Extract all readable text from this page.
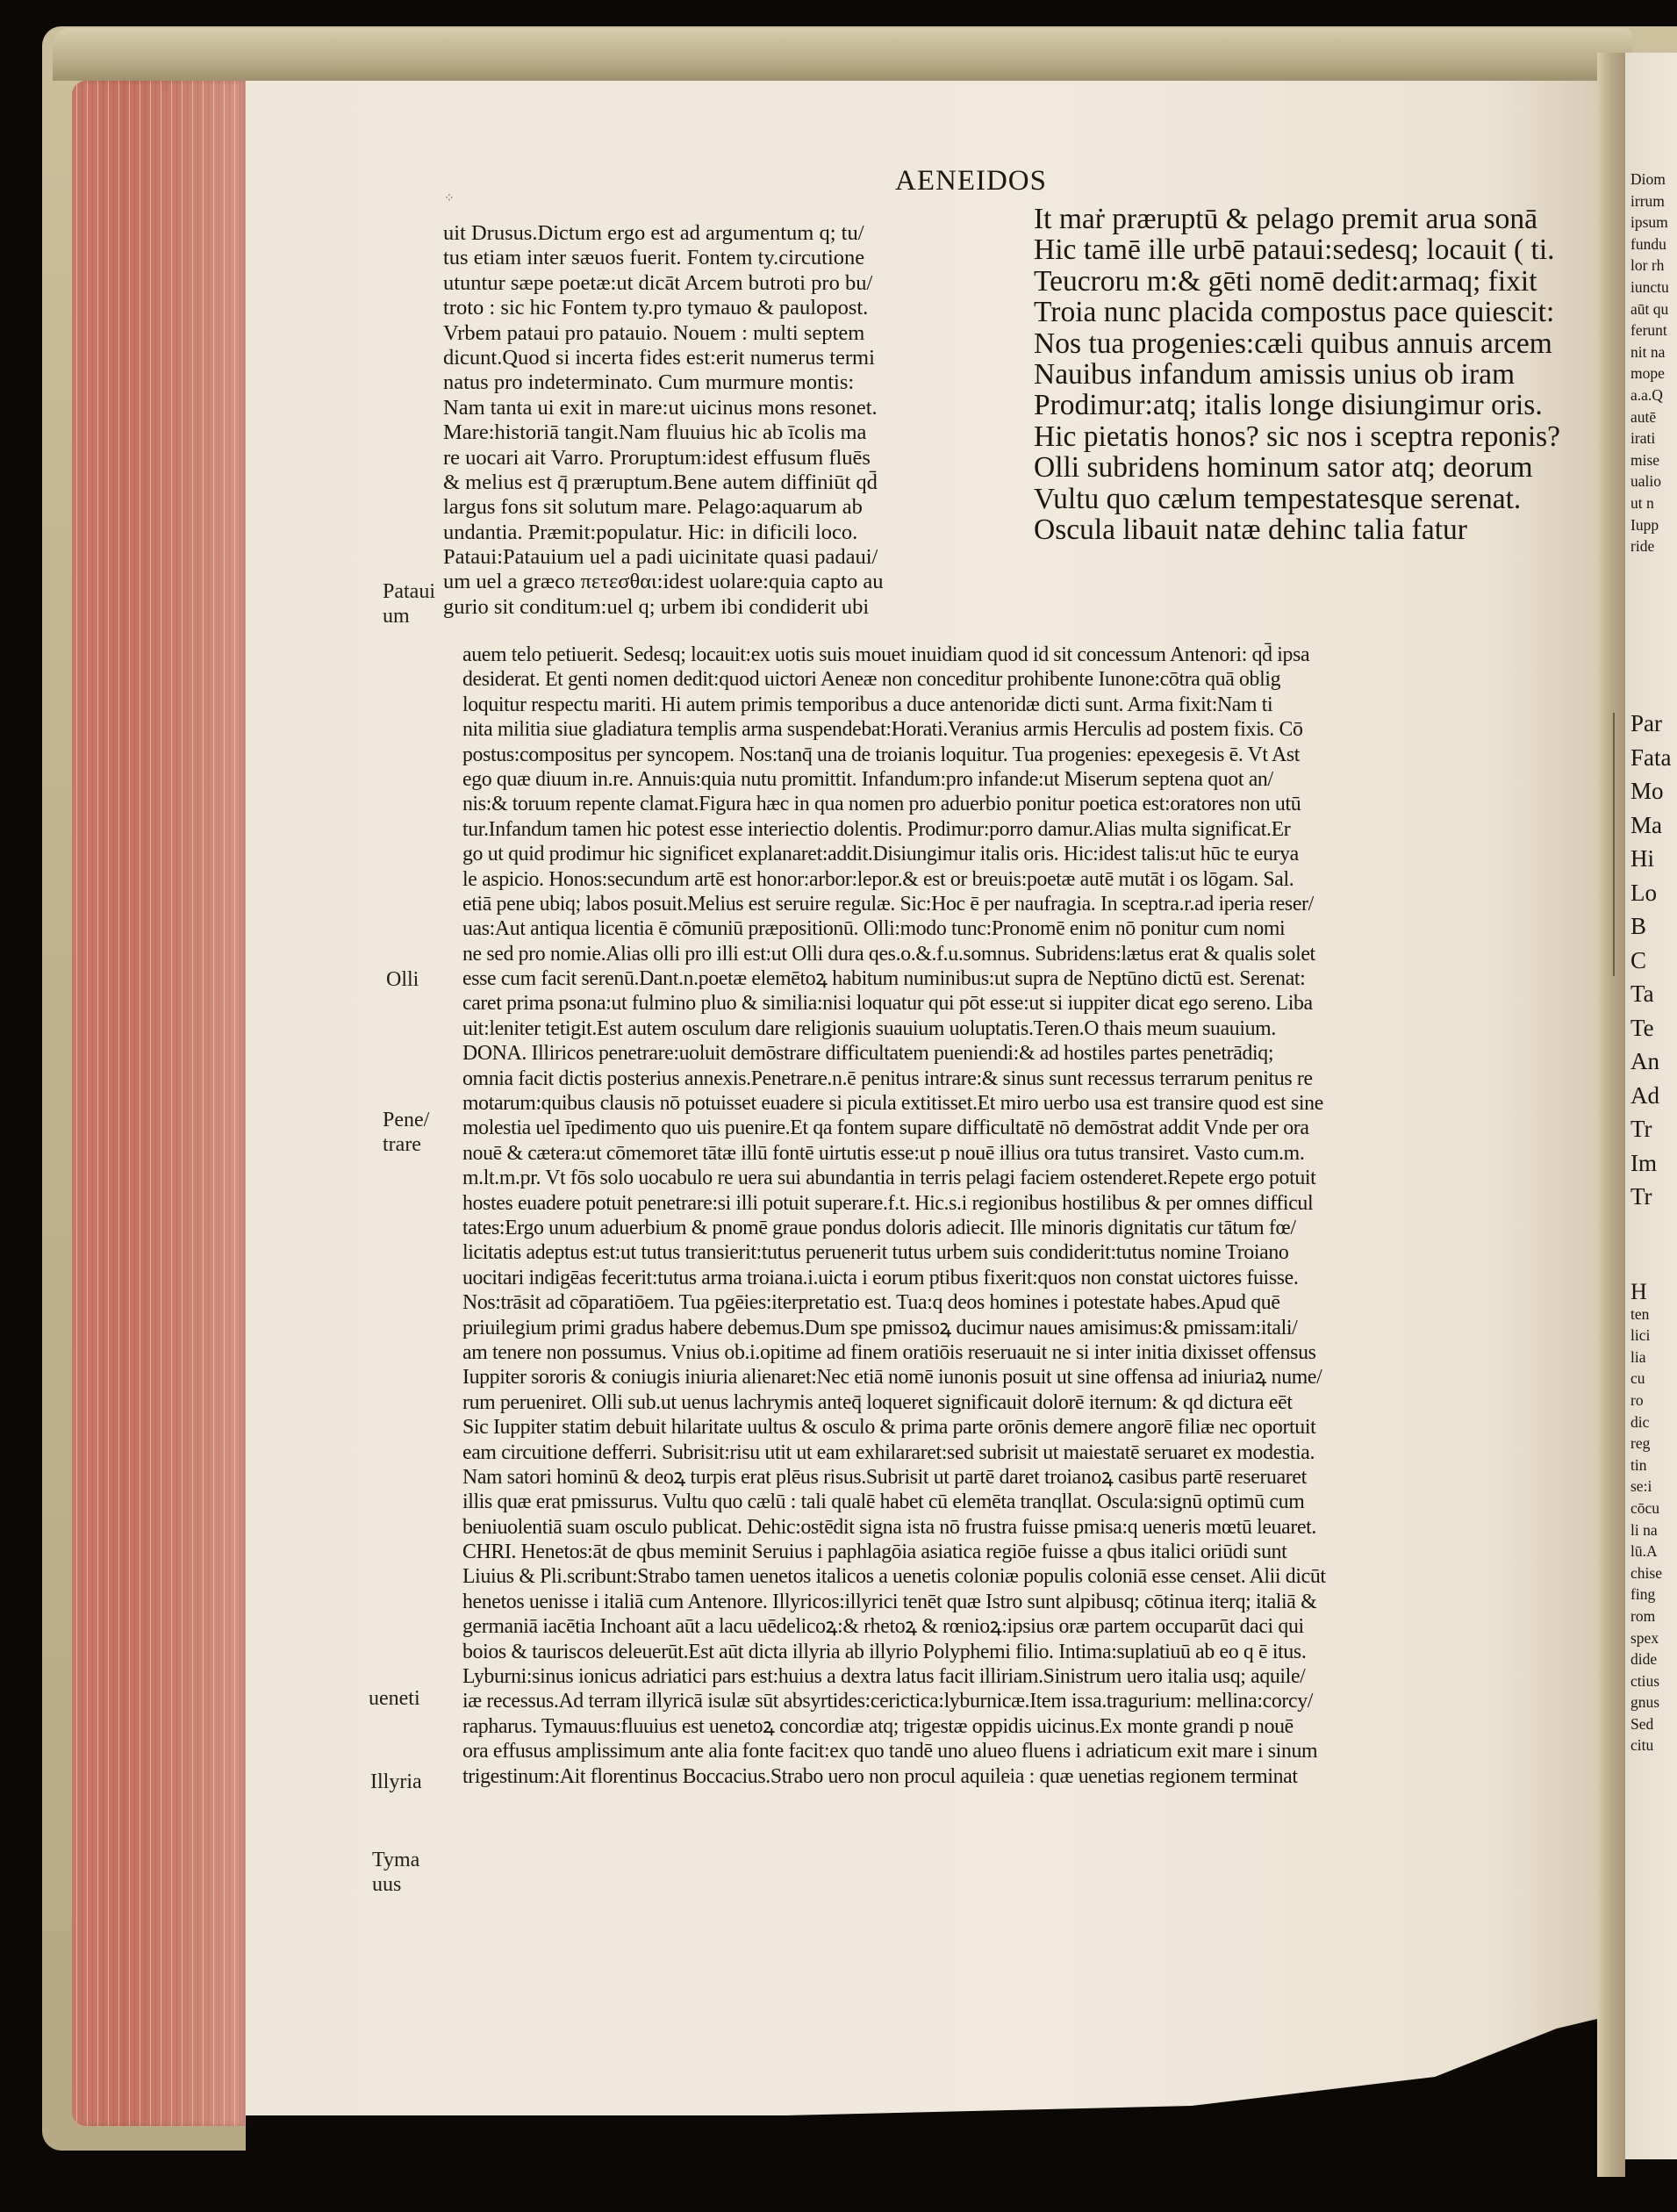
⁘
AENEIDOS
It maṙ præruptū & pelago premit arua sonā
Hic tamē ille urbē pataui:sedesq; locauit ( ti.
Teucroru m:& gēti nomē dedit:armaq; fixit
Troia nunc placida compostus pace quiescit:
Nos tua progenies:cæli quibus annuis arcem
Nauibus infandum amissis unius ob iram
Prodimur:atq; italis longe disiungimur oris.
Hic pietatis honos? sic nos i sceptra reponis?
Olli subridens hominum sator atq; deorum
Vultu quo cælum tempestatesque serenat.
Oscula libauit natæ dehinc talia fatur
uit Drusus.Dictum ergo est ad argumentum q; tu/
tus etiam inter sæuos fuerit. Fontem ty.circutione
utuntur sæpe poetæ:ut dicāt Arcem butroti pro bu/
troto : sic hic Fontem ty.pro tymauo & paulopost.
Vrbem pataui pro patauio. Nouem : multi septem
dicunt.Quod si incerta fides est:erit numerus termi
natus pro indeterminato. Cum murmure montis:
Nam tanta ui exit in mare:ut uicinus mons resonet.
Mare:historiā tangit.Nam fluuius hic ab īcolis ma
re uocari ait Varro. Proruptum:idest effusum fluēs
& melius est q̄ præruptum.Bene autem diffiniūt qd̄
largus fons sit solutum mare. Pelago:aquarum ab
undantia. Præmit:populatur. Hic: in dificili loco.
Pataui:Patauium uel a padi uicinitate quasi padaui/
um uel a græco πετεσθαι:idest uolare:quia capto au
gurio sit conditum:uel q; urbem ibi condiderit ubi
auem telo petiuerit. Sedesq; locauit:ex uotis suis mouet inuidiam quod id sit concessum Antenori: qd̄ ipsa
desiderat. Et genti nomen dedit:quod uictori Aeneæ non conceditur prohibente Iunone:cōtra quā oblig
loquitur respectu mariti. Hi autem primis temporibus a duce antenoridæ dicti sunt. Arma fixit:Nam ti
nita militia siue gladiatura templis arma suspendebat:Horati.Veranius armis Herculis ad postem fixis. Cō
postus:compositus per syncopem. Nos:tanq̄ una de troianis loquitur. Tua progenies: epexegesis ē. Vt Ast
ego quæ diuum in.re. Annuis:quia nutu promittit. Infandum:pro infande:ut Miserum septena quot an/
nis:& toruum repente clamat.Figura hæc in qua nomen pro aduerbio ponitur poetica est:oratores non utū
tur.Infandum tamen hic potest esse interiectio dolentis. Prodimur:porro damur.Alias multa significat.Er
go ut quid prodimur hic significet explanaret:addit.Disiungimur italis oris. Hic:idest talis:ut hūc te eurya
le aspicio. Honos:secundum artē est honor:arbor:lepor.& est or breuis:poetæ autē mutāt i os lōgam. Sal.
etiā pene ubiq; labos posuit.Melius est seruire regulæ. Sic:Hoc ē per naufragia. In sceptra.r.ad iperia reser/
uas:Aut antiqua licentia ē cōmuniū præpositionū. Olli:modo tunc:Pronomē enim nō ponitur cum nomi
ne sed pro nomie.Alias olli pro illi est:ut Olli dura qes.o.&.f.u.somnus. Subridens:lætus erat & qualis solet
esse cum facit serenū.Dant.n.poetæ elemētoꝝ habitum numinibus:ut supra de Neptūno dictū est. Serenat:
caret prima psona:ut fulmino pluo & similia:nisi loquatur qui pōt esse:ut si iuppiter dicat ego sereno. Liba
uit:leniter tetigit.Est autem osculum dare religionis suauium uoluptatis.Teren.O thais meum suauium.
DONA. Illiricos penetrare:uoluit demōstrare difficultatem pueniendi:& ad hostiles partes penetrādiq;
omnia facit dictis posterius annexis.Penetrare.n.ē penitus intrare:& sinus sunt recessus terrarum penitus re
motarum:quibus clausis nō potuisset euadere si picula extitisset.Et miro uerbo usa est transire quod est sine
molestia uel īpedimento quo uis puenire.Et qa fontem supare difficultatē nō demōstrat addit Vnde per ora
nouē & cætera:ut cōmemoret tātæ illū fontē uirtutis esse:ut p nouē illius ora tutus transiret. Vasto cum.m.
m.lt.m.pr. Vt fōs solo uocabulo re uera sui abundantia in terris pelagi faciem ostenderet.Repete ergo potuit
hostes euadere potuit penetrare:si illi potuit superare.f.t. Hic.s.i regionibus hostilibus & per omnes difficul
tates:Ergo unum aduerbium & pnomē graue pondus doloris adiecit. Ille minoris dignitatis cur tātum fœ/
licitatis adeptus est:ut tutus transierit:tutus peruenerit tutus urbem suis condiderit:tutus nomine Troiano
uocitari indigēas fecerit:tutus arma troiana.i.uicta i eorum ptibus fixerit:quos non constat uictores fuisse.
Nos:trāsit ad cōparatiōem. Tua pgēies:iterpretatio est. Tua:q deos homines i potestate habes.Apud quē
priuilegium primi gradus habere debemus.Dum spe pmissoꝝ ducimur naues amisimus:& pmissam:itali/
am tenere non possumus. Vnius ob.i.opitime ad finem oratiōis reseruauit ne si inter initia dixisset offensus
Iuppiter sororis & coniugis iniuria alienaret:Nec etiā nomē iunonis posuit ut sine offensa ad iniuriaꝝ nume/
rum perueniret. Olli sub.ut uenus lachrymis anteq̄ loqueret significauit dolorē iternum: & qd dictura eēt
Sic Iuppiter statim debuit hilaritate uultus & osculo & prima parte orōnis demere angorē filiæ nec oportuit
eam circuitione defferri. Subrisit:risu utit ut eam exhilararet:sed subrisit ut maiestatē seruaret ex modestia.
Nam satori hominū & deoꝝ turpis erat plēus risus.Subrisit ut partē daret troianoꝝ casibus partē reseruaret
illis quæ erat pmissurus. Vultu quo cælū : tali qualē habet cū elemēta tranqllat. Oscula:signū optimū cum
beniuolentiā suam osculo publicat. Dehic:ostēdit signa ista nō frustra fuisse pmisa:q ueneris mœtū leuaret.
CHRI. Henetos:āt de qbus meminit Seruius i paphlagōia asiatica regiōe fuisse a qbus italici oriūdi sunt
Liuius & Pli.scribunt:Strabo tamen uenetos italicos a uenetis coloniæ populis coloniā esse censet. Alii dicūt
henetos uenisse i italiā cum Antenore. Illyricos:illyrici tenēt quæ Istro sunt alpibusq; cōtinua iterq; italiā &
germaniā iacētia Inchoant aūt a lacu uēdelicoꝝ:& rhetoꝝ & rœnioꝝ:ipsius oræ partem occuparūt daci qui
boios & tauriscos deleuerūt.Est aūt dicta illyria ab illyrio Polyphemi filio. Intima:suplatiuū ab eo q ē itus.
Lyburni:sinus ionicus adriatici pars est:huius a dextra latus facit illiriam.Sinistrum uero italia usq; aquile/
iæ recessus.Ad terram illyricā isulæ sūt absyrtides:cerictica:lyburnicæ.Item issa.tragurium: mellina:corcy/
rapharus. Tymauus:fluuius est uenetoꝝ concordiæ atq; trigestæ oppidis uicinus.Ex monte grandi p nouē
ora effusus amplissimum ante alia fonte facit:ex quo tandē uno alueo fluens i adriaticum exit mare i sinum
trigestinum:Ait florentinus Boccacius.Strabo uero non procul aquileia : quæ uenetias regionem terminat
Pataui
um
Olli
Pene/
trare
ueneti
Illyria
Tyma
uus
Diom
irrum
ipsum
fundu
lor rh
iunctu
aūt qu
ferunt
nit na
mope
a.a.Q
autē
irati
mise
ualio
ut n
Iupp
ride
Par
Fata
Mo
Ma
Hi
Lo
B
C
Ta
Te
An
Ad
Tr
Im
Tr
H
ten
lici
lia
cu
ro
dic
reg
tin
se:i
cōcu
li na
lū.A
chise
fing
rom
spex
dide
ctius
gnus
Sed
citu
